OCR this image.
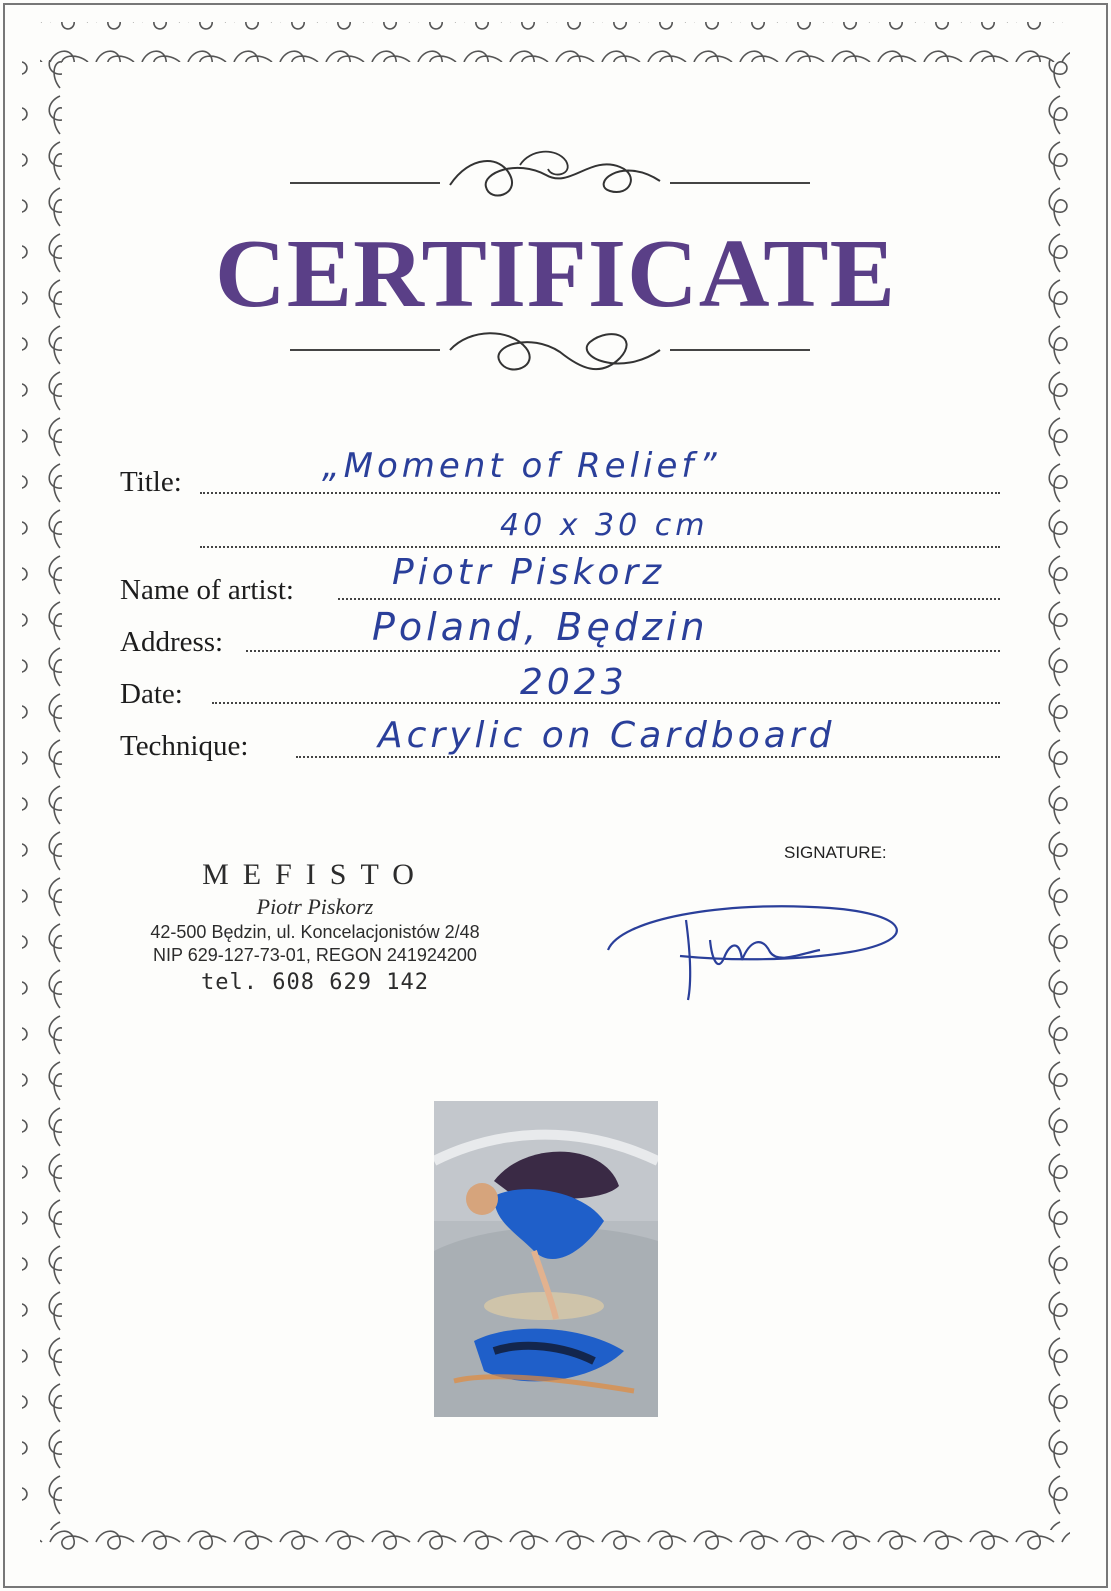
CERTIFICATE
Title:	„Moment of Relief”
40 x 30 cm
Name of artist:	Piotr Piskorz
Address:	Poland, Będzin
Date:	2023
Technique:	Acrylic on Cardboard
MEFISTO
Piotr Piskorz
42-500 Będzin, ul. Koncelacjonistów 2/48
NIP 629-127-73-01, REGON 241924200
tel. 608 629 142
SIGNATURE:
